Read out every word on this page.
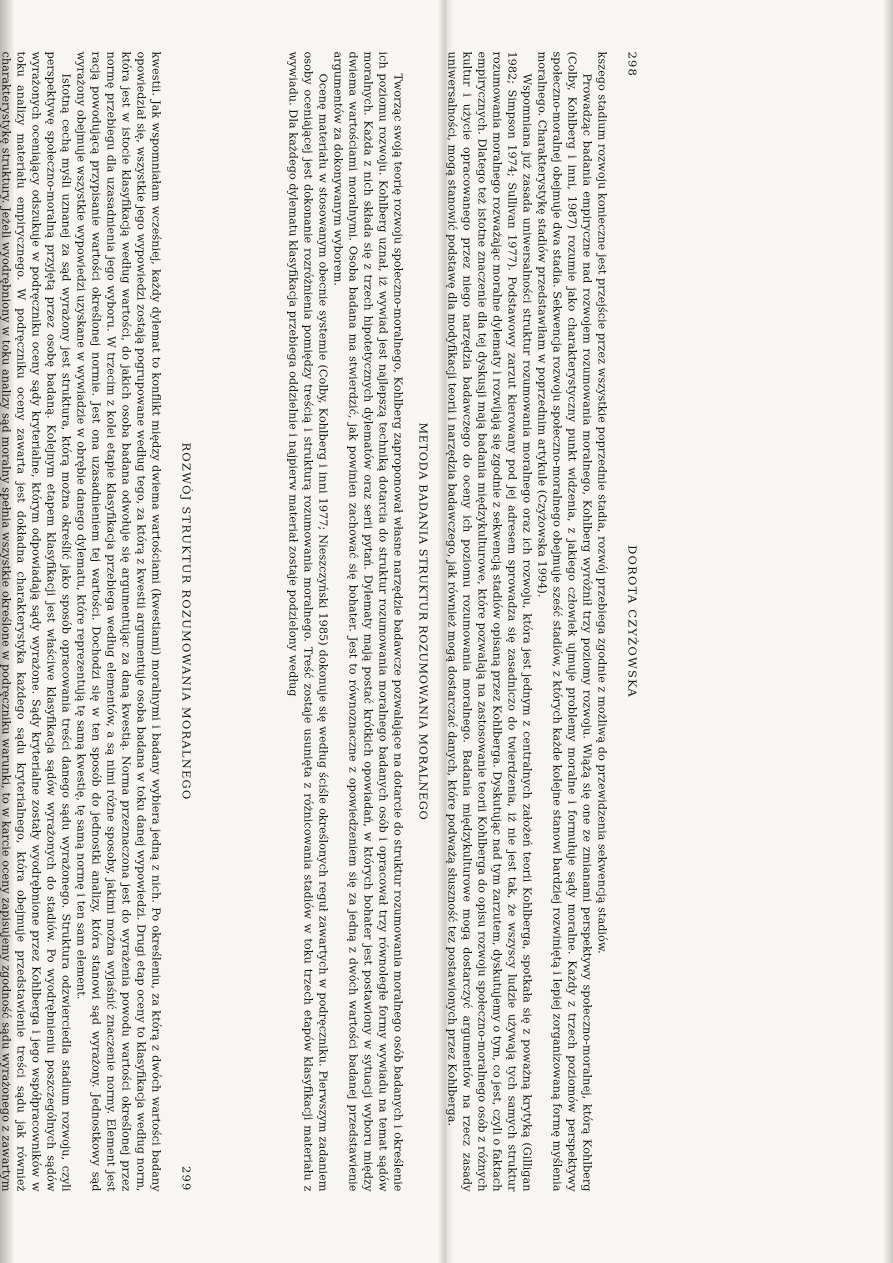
298
DOROTA CZYŻOWSKA

kszego stadium rozwoju konieczne jest przejście przez wszystkie poprzednie stadia, rozwój przebiega zgodnie z możliwą do przewidzenia sekwencją stadiów.

Prowadząc badania empiryczne nad rozwojem rozumowania moralnego, Kohlberg wyróżnił trzy poziomy rozwoju. Wiążą się one ze zmianami perspektywy społeczno-moralnej, którą Kohlberg (Colby, Kohlberg i inni, 1987) rozumie jako charakterystyczny punkt widzenia, z jakiego człowiek ujmuje problemy moralne i formułuje sądy moralne. Każdy z trzech poziomów perspektywy społeczno-moralnej obejmuje dwa stadia. Sekwencja rozwoju społeczno-moralnego obejmuje sześć stadiów, z których każde kolejne stanowi bardziej rozwiniętą i lepiej zorganizowaną formę myślenia moralnego. Charakterystykę stadiów przedstawiłam w poprzednim artykule (Czyżowska 1994).

Wspomniana już zasada uniwersalności struktur rozumowania moralnego oraz ich rozwoju, która jest jednym z centralnych założeń teorii Kohlberga, spotkała się z poważną krytyką (Gilligan 1982; Simpson 1974; Sullivan 1977). Podstawowy zarzut kierowany pod jej adresem sprowadza się zasadniczo do twierdzenia, iż nie jest tak, że wszyscy ludzie używają tych samych struktur rozumowania moralnego rozważając moralne dylematy i rozwijają się zgodnie z sekwencją stadiów opisaną przez Kohlberga. Dyskutując nad tym zarzutem, dyskutujemy o tym, co jest, czyli o faktach empirycznych. Dlatego też istotne znaczenie dla tej dyskusji mają badania międzykulturowe, które pozwalają na zastosowanie teorii Kohlberga do opisu rozwoju społeczno-moralnego osób z różnych kultur i użycie opracowanego przez niego narzędzia badawczego do oceny ich poziomu rozumowania moralnego. Badania międzykulturowe mogą dostarczyć argumentów na rzecz zasady uniwersalności, mogą stanowić podstawę dla modyfikacji teorii i narzędzia badawczego, jak również mogą dostarczać danych, które podważą słuszność tez postawionych przez Kohlberga.

METODA BADANIA STRUKTUR ROZUMOWANIA MORALNEGO

Tworząc swoją teorię rozwoju społeczno-moralnego, Kohlberg zaproponował własne narzędzie badawcze pozwalające na dotarcie do struktur rozumowania moralnego osób badanych i określenie ich poziomu rozwoju. Kohlberg uznał, iż wywiad jest najlepszą techniką dotarcia do struktur rozumowania moralnego badanych osób i opracował trzy równoległe formy wywiadu na temat sądów moralnych. Każda z nich składa się z trzech hipotetycznych dylematów oraz serii pytań. Dylematy mają postać krótkich opowiadań, w których bohater jest postawiony w sytuacji wyboru między dwiema wartościami moralnymi. Osoba badana ma stwierdzić, jak powinien zachować się bohater. Jest to równoznaczne z opowiedzeniem się za jedną z dwóch wartości badanej przedstawienie argumentów za dokonywanym wyborem.

Ocenę materiału w stosowanym obecnie systemie (Colby, Kohlberg i inni 1977; Nieszczyński 1985) dokonuje się według ściśle określonych reguł zawartych w podręczniku. Pierwszym zadaniem osoby oceniającej jest dokonanie rozróżnienia pomiędzy treścią i strukturą rozumowania moralnego. Treść zostaje usunięta z różnicowania stadiów w toku trzech etapów klasyfikacji materiału z wywiadu. Dla każdego dylematu klasyfikacja przebiega oddzielnie i najpierw materiał zostaje podzielony według

ROZWÓJ STRUKTUR ROZUMOWANIA MORALNEGO
299

kwestii. Jak wspomniałam wcześniej, każdy dylemat to konflikt między dwiema wartościami (kwestiami) moralnymi i badany wybiera jedną z nich. Po określeniu, za którą z dwóch wartości badany opowiedział się, wszystkie jego wypowiedzi zostają pogrupowane według tego, za którą z kwestii argumentuje osoba badana w toku danej wypowiedzi. Drugi etap oceny to klasyfikacja według norm, która jest w istocie klasyfikacją według wartości, do jakich osoba badana odwołuje się argumentując za daną kwestią. Norma przeznaczona jest do wyrażenia powodu wartości określonej przez normę przebiegu dla uzasadnienia jego wyboru. W trzecim z kolei etapie klasyfikacja przebiega według elementów, a są nimi różne sposoby, jakimi można wyjaśnić znaczenie normy. Element jest racją powodującą przypisanie wartości określonej normie. Jest ona uzasadnieniem tej wartości. Dochodzi się w ten sposób do jednostki analizy, która stanowi sąd wyrażony. Jednostkowy sąd wyrażony obejmuje wszystkie wypowiedzi uzyskane w wywiadzie w obrębie danego dylematu, które reprezentują tę samą kwestię, tę samą normę i ten sam element.

Istotną cechą myśli uznanej za sąd wyrażony jest struktura, którą można określić jako sposób opracowania treści danego sądu wyrażonego. Struktura odzwierciedla stadium rozwoju, czyli perspektywę społeczno-moralną przyjętą przez osobę badaną. Kolejnym etapem klasyfikacji jest właściwe klasyfikacja sądów wyrażonych do stadiów. Po wyodrębnieniu poszczególnych sądów wyrażonych oceniający odszukuje w podręczniku oceny sądy kryterialne, którym odpowiadają sądy wyrażone. Sądy kryterialne zostały wyodrębnione przez Kohlberga i jego współpracowników w toku analizy materiału empirycznego. W podręczniku oceny zawarta jest dokładna charakterystyka każdego sądu kryterialnego, która obejmuje przedstawienie treści sądu jak również charakterystykę struktury. Jeżeli wyodrębniony w toku analizy sąd moralny spełnia wszystkie określone w podręczniku warunki, to w karcie oceny zapisujemy zgodność sądu wyrażonego z zawartym
